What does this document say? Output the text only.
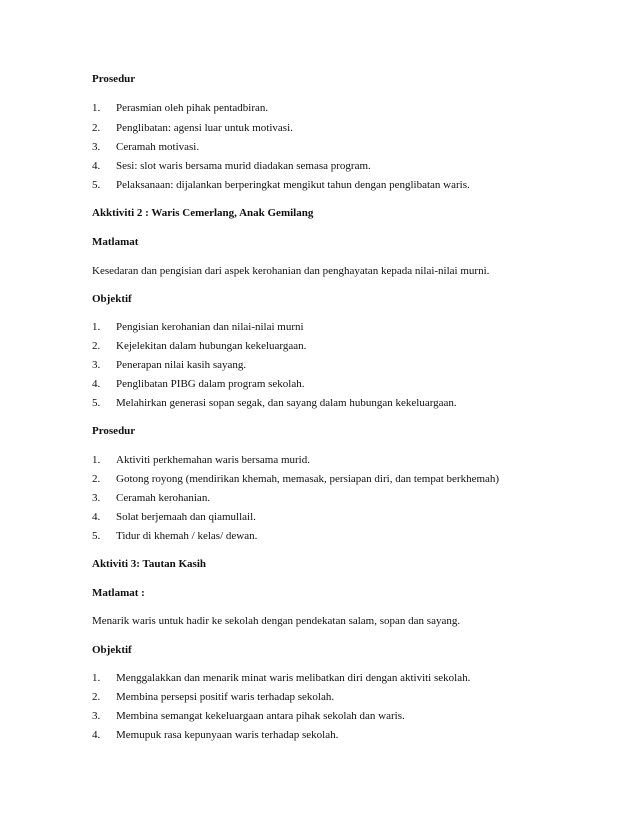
Prosedur
1. Perasmian oleh pihak pentadbiran.
2. Penglibatan: agensi luar untuk motivasi.
3. Ceramah motivasi.
4. Sesi: slot waris bersama murid diadakan semasa program.
5. Pelaksanaan: dijalankan berperingkat mengikut tahun dengan penglibatan waris.
Akktiviti 2 : Waris Cemerlang, Anak Gemilang
Matlamat
Kesedaran dan pengisian dari aspek kerohanian dan penghayatan kepada nilai-nilai murni.
Objektif
1. Pengisian kerohanian dan nilai-nilai murni
2. Kejelekitan dalam hubungan kekeluargaan.
3. Penerapan nilai kasih sayang.
4. Penglibatan PIBG dalam program sekolah.
5. Melahirkan generasi sopan segak, dan sayang dalam hubungan kekeluargaan.
Prosedur
1. Aktiviti perkhemahan waris bersama murid.
2. Gotong royong (mendirikan khemah, memasak, persiapan diri, dan tempat berkhemah)
3. Ceramah kerohanian.
4. Solat berjemaah dan qiamullail.
5. Tidur di khemah / kelas/ dewan.
Aktiviti 3: Tautan Kasih
Matlamat :
Menarik waris untuk hadir ke sekolah dengan pendekatan salam, sopan dan sayang.
Objektif
1. Menggalakkan dan menarik minat waris melibatkan diri dengan aktiviti sekolah.
2. Membina persepsi positif waris terhadap sekolah.
3. Membina semangat kekeluargaan antara pihak sekolah dan waris.
4. Memupuk rasa kepunyaan waris terhadap sekolah.
